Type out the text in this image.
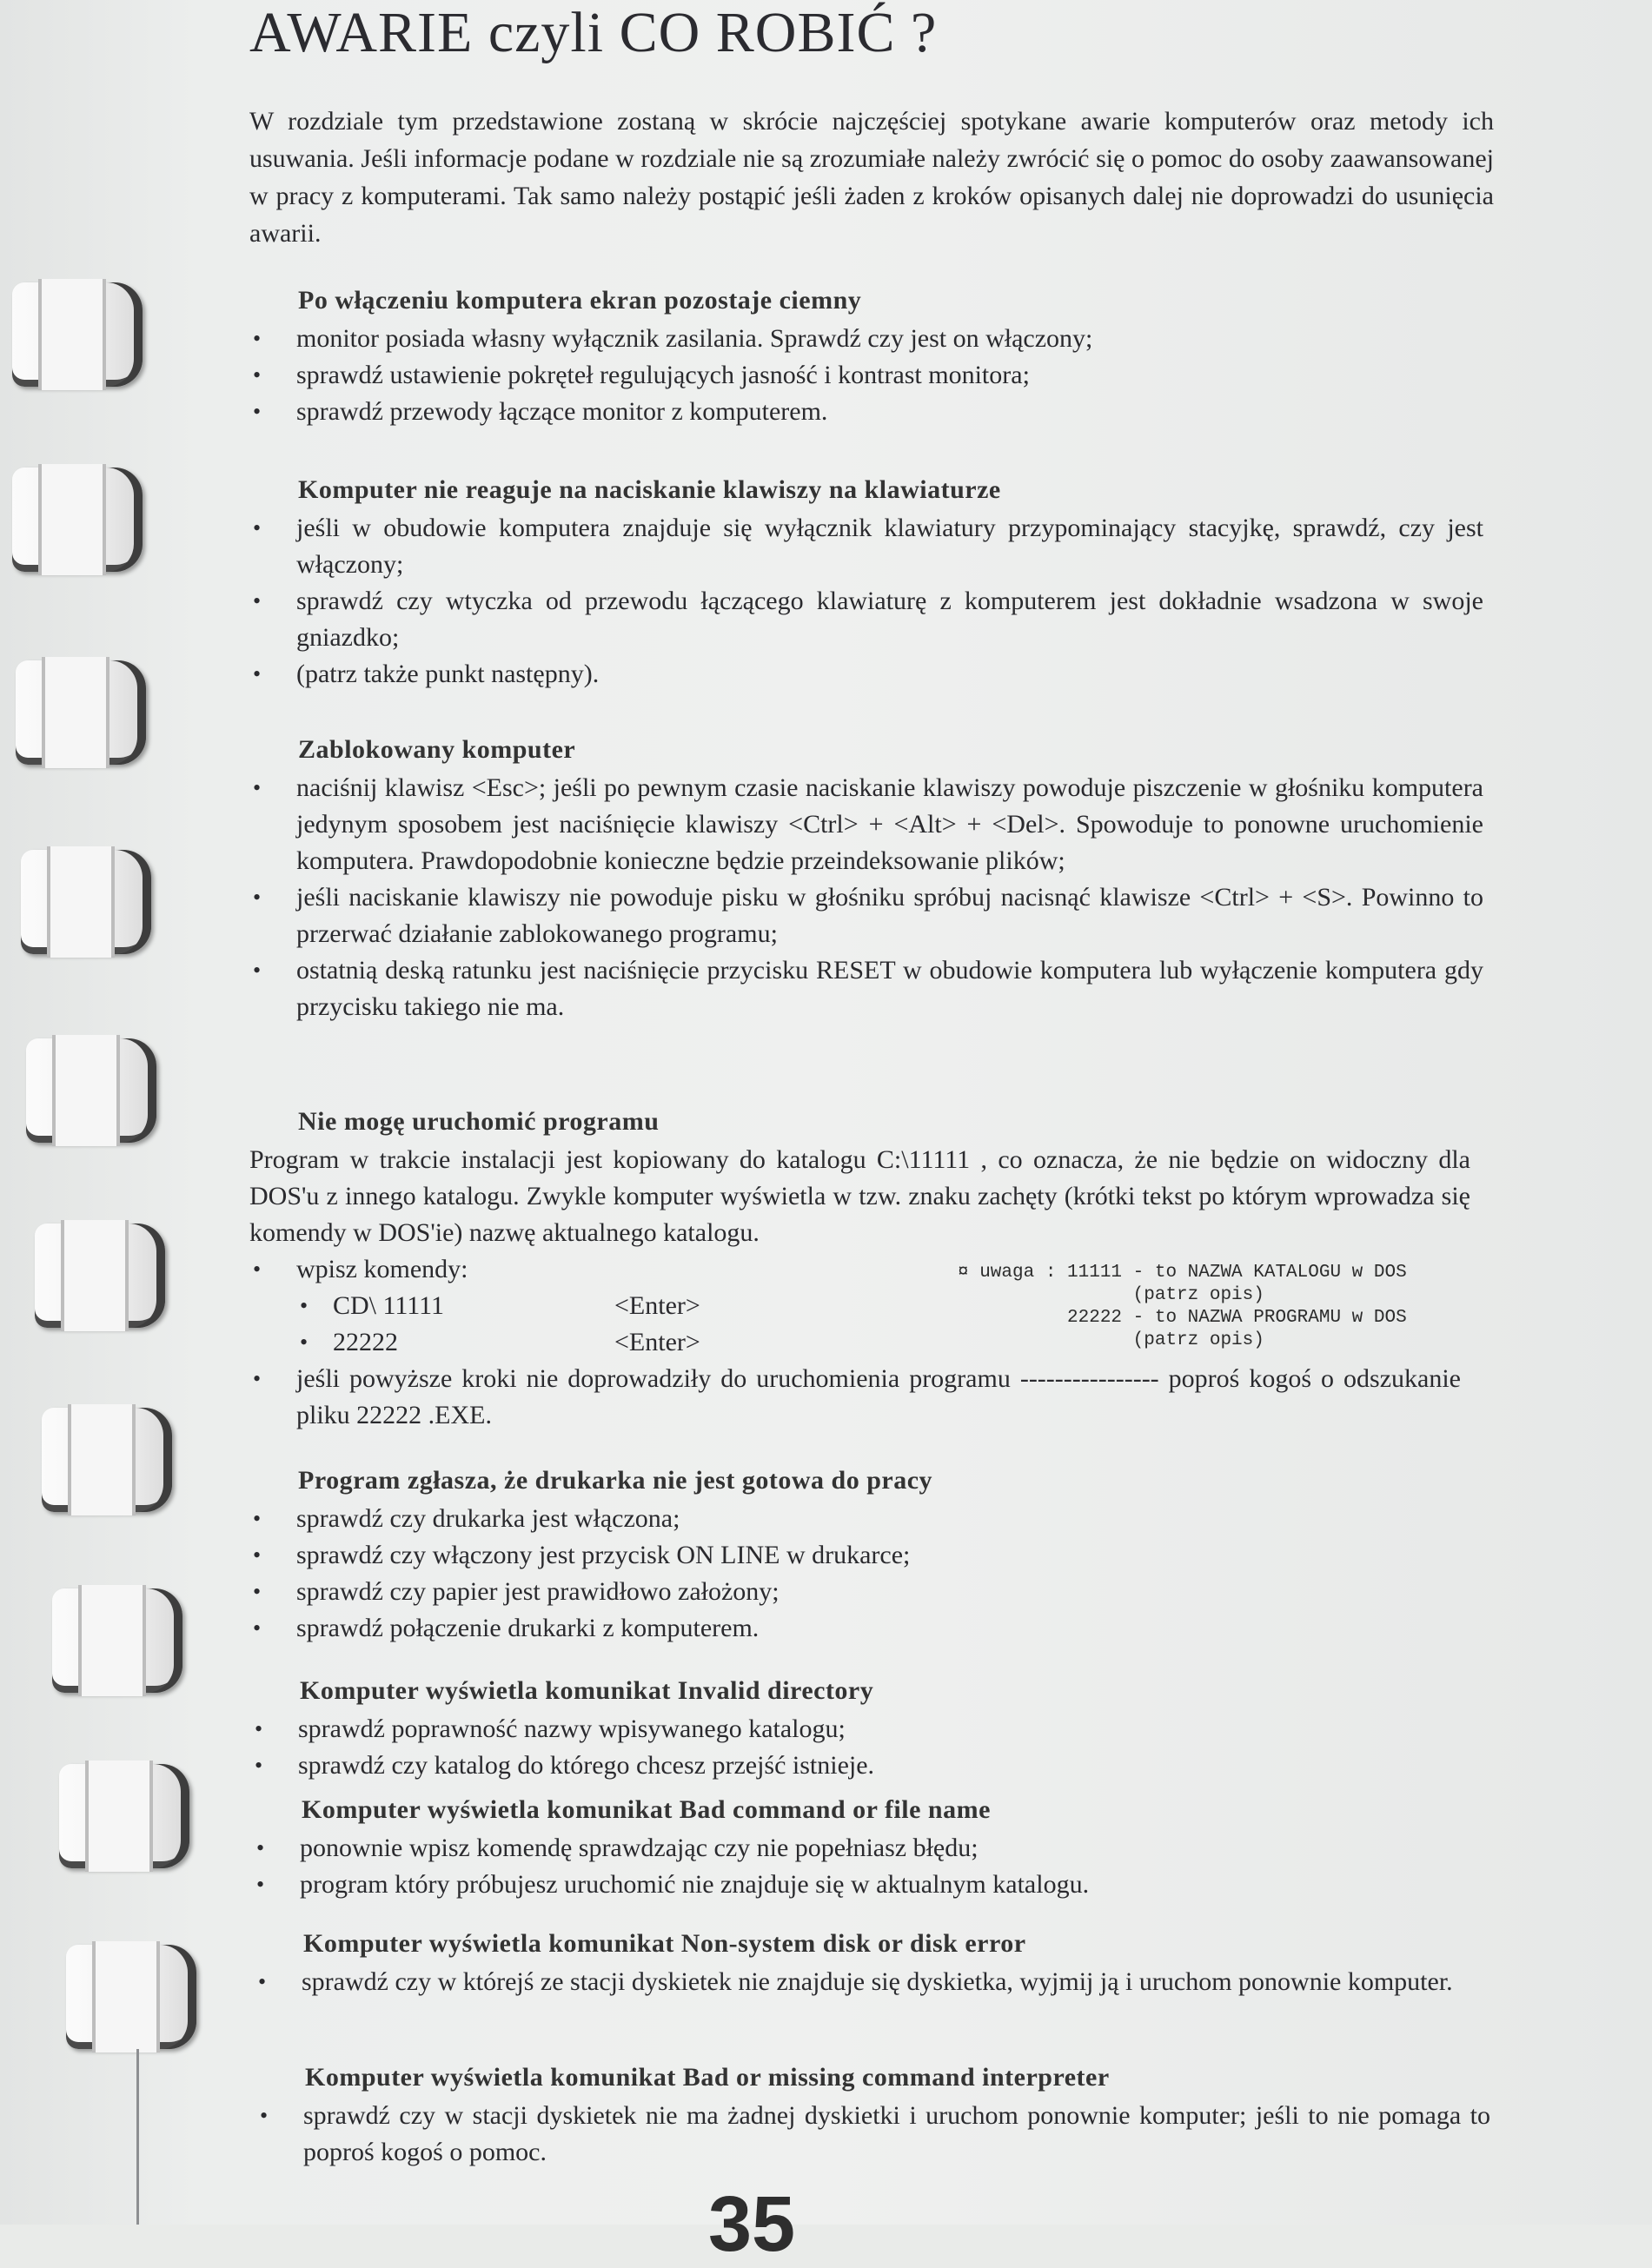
AWARIE czyli CO ROBIĆ ?

W rozdziale tym przedstawione zostaną w skrócie najczęściej spotykane awarie komputerów oraz metody ich usuwania. Jeśli informacje podane w rozdziale nie są zrozumiałe należy zwrócić się o pomoc do osoby zaawansowanej w pracy z komputerami. Tak samo należy postąpić jeśli żaden z kroków opisanych dalej nie doprowadzi do usunięcia awarii.

Po włączeniu komputera ekran pozostaje ciemny
• monitor posiada własny wyłącznik zasilania. Sprawdź czy jest on włączony;
• sprawdź ustawienie pokręteł regulujących jasność i kontrast monitora;
• sprawdź przewody łączące monitor z komputerem.
Komputer nie reaguje na naciskanie klawiszy na klawiaturze
• jeśli w obudowie komputera znajduje się wyłącznik klawiatury przypominający stacyjkę, sprawdź, czy jest włączony;
• sprawdź czy wtyczka od przewodu łączącego klawiaturę z komputerem jest dokładnie wsadzona w swoje gniazdko;
• (patrz także punkt następny).
Zablokowany komputer
• naciśnij klawisz <Esc>; jeśli po pewnym czasie naciskanie klawiszy powoduje piszczenie w głośniku komputera jedynym sposobem jest naciśnięcie klawiszy <Ctrl> + <Alt> + <Del>. Spowoduje to ponowne uruchomienie komputera. Prawdopodobnie konieczne będzie przeindeksowanie plików;
• jeśli naciskanie klawiszy nie powoduje pisku w głośniku spróbuj nacisnąć klawisze <Ctrl> + <S>. Powinno to przerwać działanie zablokowanego programu;
• ostatnią deską ratunku jest naciśnięcie przycisku RESET w obudowie komputera lub wyłączenie komputera gdy przycisku takiego nie ma.
Nie mogę uruchomić programu

Program w trakcie instalacji jest kopiowany do katalogu C:\11111 , co oznacza, że nie będzie on widoczny dla DOS'u z innego katalogu. Zwykle komputer wyświetla w tzw. znaku zachęty (krótki tekst po którym wprowadza się komendy w DOS'ie) nazwę aktualnego katalogu.

• wpisz komendy:
• CD\ 11111	<Enter>
• 22222	<Enter>
• jeśli powyższe kroki nie doprowadziły do uruchomienia programu ---------------- poproś kogoś o odszukanie pliku 22222 .EXE.
¤ uwaga : 11111 - to NAZWA KATALOGU w DOS
(patrz opis)
22222 - to NAZWA PROGRAMU w DOS
(patrz opis)
Program zgłasza, że drukarka nie jest gotowa do pracy
• sprawdź czy drukarka jest włączona;
• sprawdź czy włączony jest przycisk ON LINE w drukarce;
• sprawdź czy papier jest prawidłowo założony;
• sprawdź połączenie drukarki z komputerem.
Komputer wyświetla komunikat Invalid directory
• sprawdź poprawność nazwy wpisywanego katalogu;
• sprawdź czy katalog do którego chcesz przejść istnieje.
Komputer wyświetla komunikat Bad command or file name
• ponownie wpisz komendę sprawdzając czy nie popełniasz błędu;
• program który próbujesz uruchomić nie znajduje się w aktualnym katalogu.
Komputer wyświetla komunikat Non-system disk or disk error
• sprawdź czy w którejś ze stacji dyskietek nie znajduje się dyskietka, wyjmij ją i uruchom ponownie komputer.
Komputer wyświetla komunikat Bad or missing command interpreter
• sprawdź czy w stacji dyskietek nie ma żadnej dyskietki i uruchom ponownie komputer; jeśli to nie pomaga to poproś kogoś o pomoc.
35
